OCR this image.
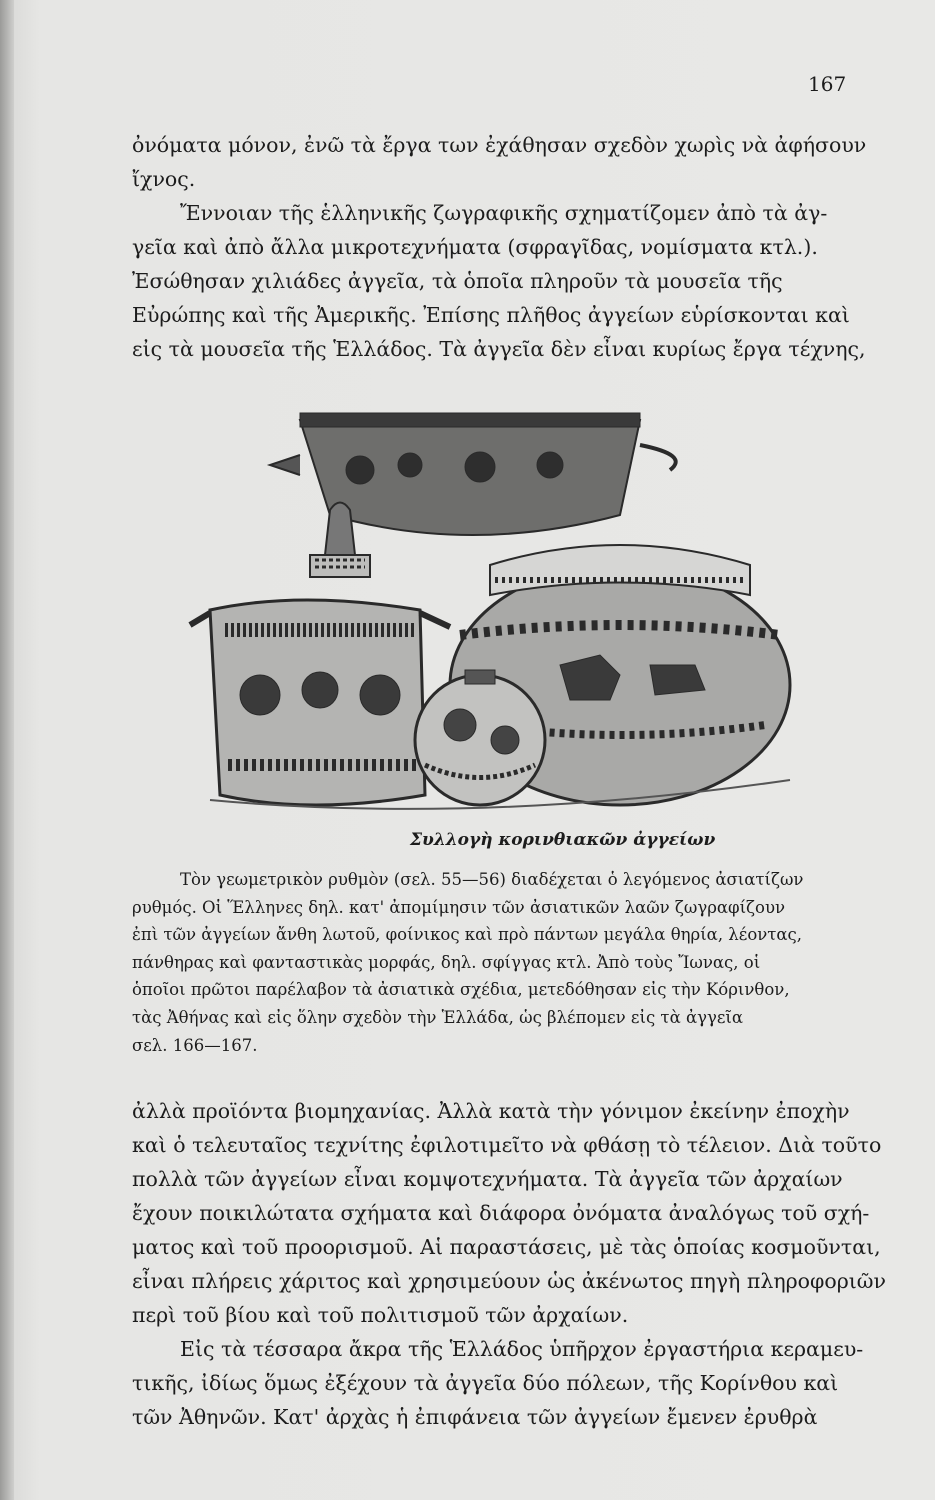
167
ὀνόματα μόνον, ἐνῶ τὰ ἔργα των ἐχάθησαν σχεδὸν χωρὶς νὰ ἀφήσουν
ἴχνος.
Ἔννοιαν τῆς ἑλληνικῆς ζωγραφικῆς σχηματίζομεν ἀπὸ τὰ ἀγ-
γεῖα καὶ ἀπὸ ἄλλα μικροτεχνήματα (σφραγῖδας, νομίσματα κτλ.).
Ἐσώθησαν χιλιάδες ἀγγεῖα, τὰ ὁποῖα πληροῦν τὰ μουσεῖα τῆς
Εὐρώπης καὶ τῆς Ἀμερικῆς. Ἐπίσης πλῆθος ἀγγείων εὑρίσκονται καὶ
εἰς τὰ μουσεῖα τῆς Ἑλλάδος. Τὰ ἀγγεῖα δὲν εἶναι κυρίως ἔργα τέχνης,
Συλλογὴ κορινθιακῶν ἀγγείων
Τὸν γεωμετρικὸν ρυθμὸν (σελ. 55—56) διαδέχεται ὁ λεγόμενος ἀσιατίζων
ρυθμός. Οἱ Ἕλληνες δηλ. κατ' ἀπομίμησιν τῶν ἀσιατικῶν λαῶν ζωγραφίζουν
ἐπὶ τῶν ἀγγείων ἄνθη λωτοῦ, φοίνικος καὶ πρὸ πάντων μεγάλα θηρία, λέοντας,
πάνθηρας καὶ φανταστικὰς μορφάς, δηλ. σφίγγας κτλ. Ἀπὸ τοὺς Ἴωνας, οἱ
ὁποῖοι πρῶτοι παρέλαβον τὰ ἀσιατικὰ σχέδια, μετεδόθησαν εἰς τὴν Κόρινθον,
τὰς Ἀθήνας καὶ εἰς ὅλην σχεδὸν τὴν Ἑλλάδα, ὡς βλέπομεν εἰς τὰ ἀγγεῖα
σελ. 166—167.
ἀλλὰ προϊόντα βιομηχανίας. Ἀλλὰ κατὰ τὴν γόνιμον ἐκείνην ἐποχὴν
καὶ ὁ τελευταῖος τεχνίτης ἐφιλοτιμεῖτο νὰ φθάσῃ τὸ τέλειον. Διὰ τοῦτο
πολλὰ τῶν ἀγγείων εἶναι κομψοτεχνήματα. Τὰ ἀγγεῖα τῶν ἀρχαίων
ἔχουν ποικιλώτατα σχήματα καὶ διάφορα ὀνόματα ἀναλόγως τοῦ σχή-
ματος καὶ τοῦ προορισμοῦ. Αἱ παραστάσεις, μὲ τὰς ὁποίας κοσμοῦνται,
εἶναι πλήρεις χάριτος καὶ χρησιμεύουν ὡς ἀκένωτος πηγὴ πληροφοριῶν
περὶ τοῦ βίου καὶ τοῦ πολιτισμοῦ τῶν ἀρχαίων.
Εἰς τὰ τέσσαρα ἄκρα τῆς Ἑλλάδος ὑπῆρχον ἐργαστήρια κεραμευ-
τικῆς, ἰδίως ὅμως ἐξέχουν τὰ ἀγγεῖα δύο πόλεων, τῆς Κορίνθου καὶ
τῶν Ἀθηνῶν. Κατ' ἀρχὰς ἡ ἐπιφάνεια τῶν ἀγγείων ἔμενεν ἐρυθρὰ
